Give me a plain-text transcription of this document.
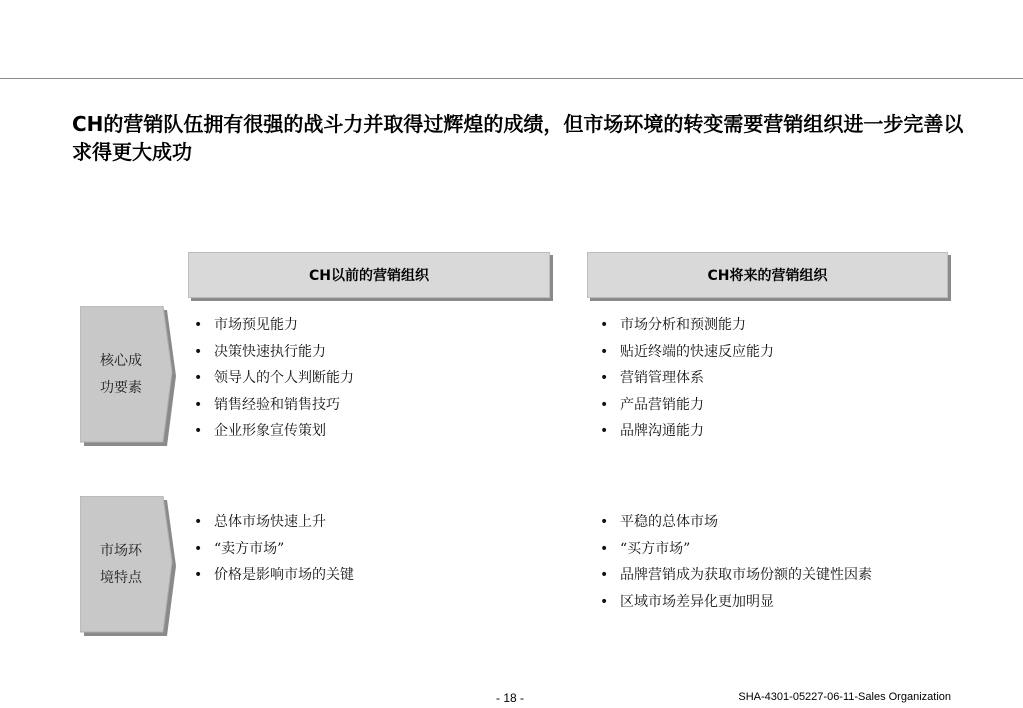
CH的营销队伍拥有很强的战斗力并取得过辉煌的成绩，但市场环境的转变需要营销组织进一步完善以求得更大成功
CH以前的营销组织	CH将来的营销组织
核心成
功要素
市场环
境特点
• 市场预见能力
• 决策快速执行能力
• 领导人的个人判断能力
• 销售经验和销售技巧
• 企业形象宣传策划
• 市场分析和预测能力
• 贴近终端的快速反应能力
• 营销管理体系
• 产品营销能力
• 品牌沟通能力
• 总体市场快速上升
• “卖方市场”
• 价格是影响市场的关键
• 平稳的总体市场
• “买方市场”
• 品牌营销成为获取市场份额的关键性因素
• 区域市场差异化更加明显
- 18 -	SHA-4301-05227-06-11-Sales Organization
